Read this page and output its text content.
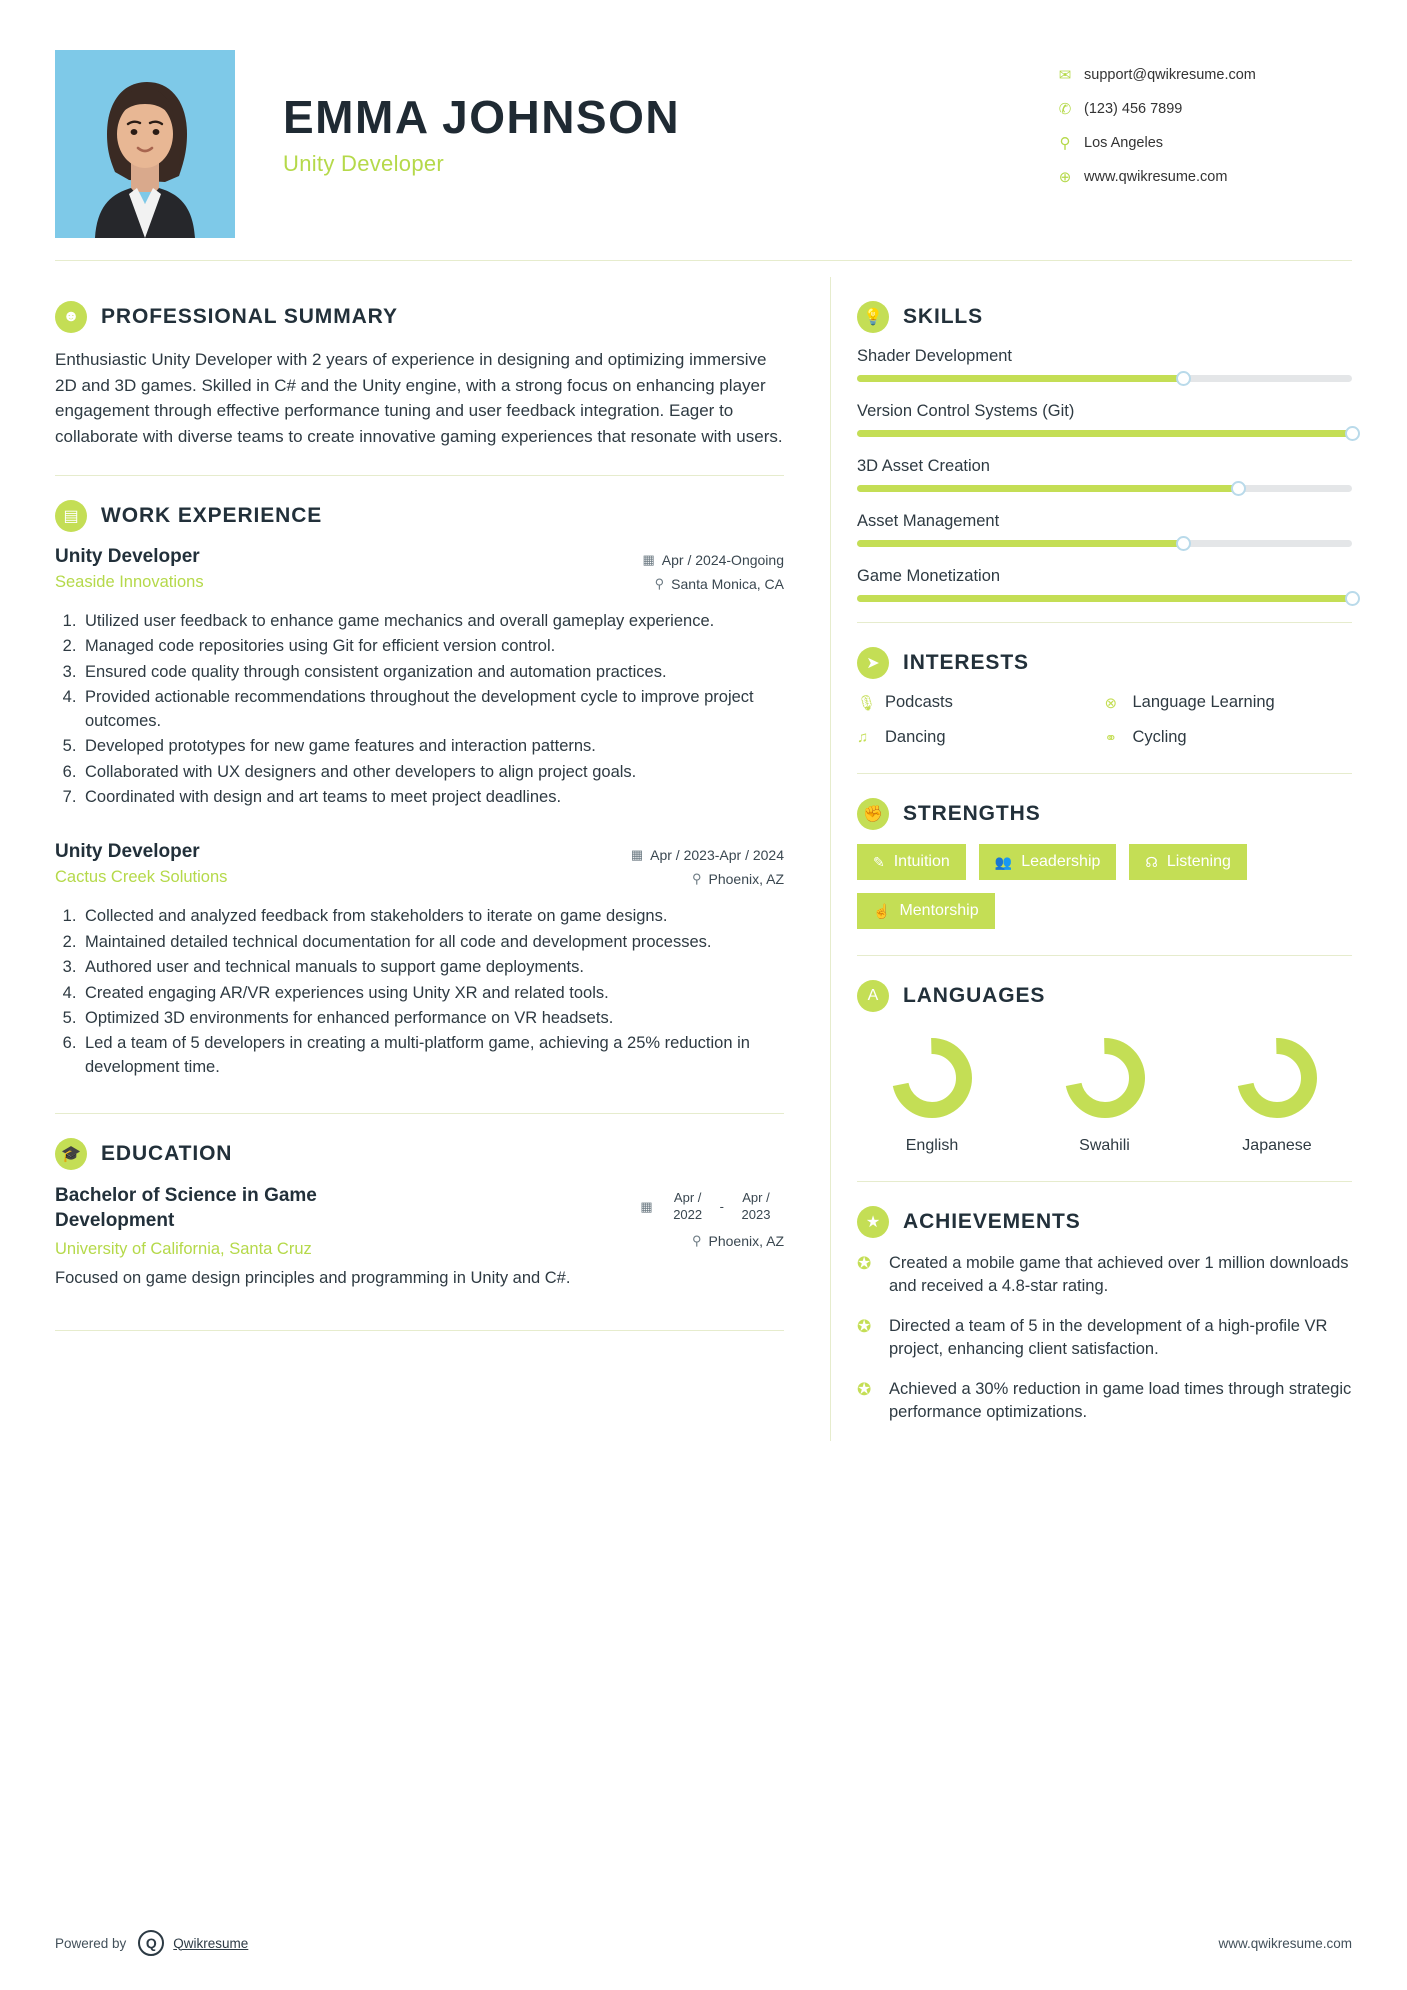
EMMA JOHNSON
Unity Developer
✉ support@qwikresume.com
✆ (123) 456 7899
⚲ Los Angeles
⊕ www.qwikresume.com
☻	PROFESSIONAL SUMMARY
Enthusiastic Unity Developer with 2 years of experience in designing and optimizing immersive 2D and 3D games. Skilled in C# and the Unity engine, with a strong focus on enhancing player engagement through effective performance tuning and user feedback integration. Eager to collaborate with diverse teams to create innovative gaming experiences that resonate with users.
▤	WORK EXPERIENCE
Unity Developer
Seaside Innovations
▦ Apr / 2024-Ongoing
⚲ Santa Monica, CA
1. Utilized user feedback to enhance game mechanics and overall gameplay experience.
2. Managed code repositories using Git for efficient version control.
3. Ensured code quality through consistent organization and automation practices.
4. Provided actionable recommendations throughout the development cycle to improve project outcomes.
5. Developed prototypes for new game features and interaction patterns.
6. Collaborated with UX designers and other developers to align project goals.
7. Coordinated with design and art teams to meet project deadlines.
Unity Developer
Cactus Creek Solutions
▦ Apr / 2023-Apr / 2024
⚲ Phoenix, AZ
1. Collected and analyzed feedback from stakeholders to iterate on game designs.
2. Maintained detailed technical documentation for all code and development processes.
3. Authored user and technical manuals to support game deployments.
4. Created engaging AR/VR experiences using Unity XR and related tools.
5. Optimized 3D environments for enhanced performance on VR headsets.
6. Led a team of 5 developers in creating a multi-platform game, achieving a 25% reduction in development time.
🎓 EDUCATION
Bachelor of Science in Game Development
University of California, Santa Cruz
▦
Apr / 2022	-
Apr / 2023
⚲ Phoenix, AZ
Focused on game design principles and programming in Unity and C#.
💡 SKILLS
Shader Development
Version Control Systems (Git)
3D Asset Creation
Asset Management
Game Monetization
➤	INTERESTS
🎙 Podcasts	⊗ Language Learning
♫	Dancing	⚭ Cycling
✊ STRENGTHS
✎ Intuition	👥 Leadership	☊ Listening
☝ Mentorship
A	LANGUAGES
English	Swahili	Japanese
★	ACHIEVEMENTS
✪	Created a mobile game that achieved over 1 million downloads and received a 4.8-star rating.
✪	Directed a team of 5 in the development of a high-profile VR project, enhancing client satisfaction.
✪	Achieved a 30% reduction in game load times through strategic performance optimizations.
Powered by Q Qwikresume	www.qwikresume.com
